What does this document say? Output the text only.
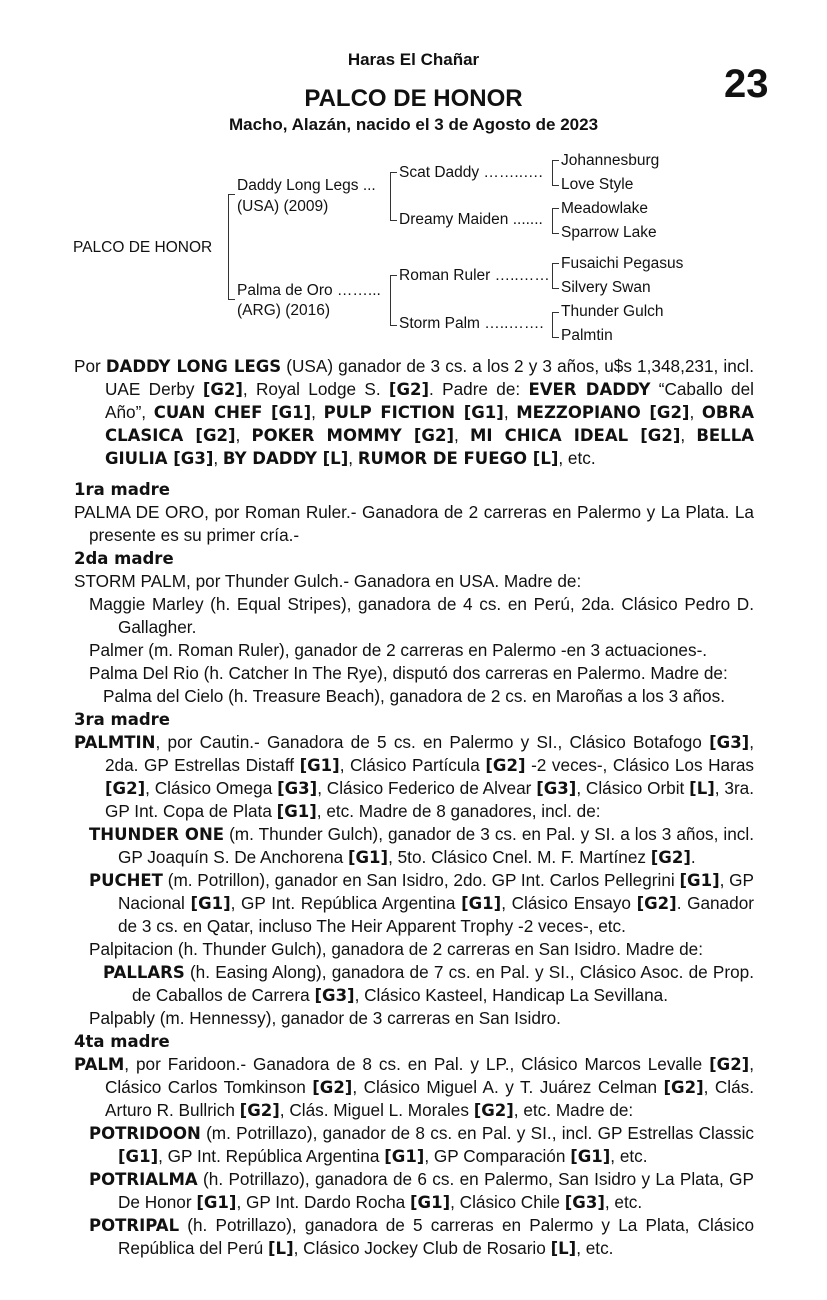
Haras El Chañar
23
PALCO DE HONOR
Macho, Alazán, nacido el 3 de Agosto de 2023
PALCO DE HONOR
Daddy Long Legs ...
(USA) (2009)
Palma de Oro ……...
(ARG) (2016)
Scat Daddy ……..….
Dreamy Maiden .......
Roman Ruler …..……
Storm Palm …..…….
Johannesburg
Love Style
Meadowlake
Sparrow Lake
Fusaichi Pegasus
Silvery Swan
Thunder Gulch
Palmtin

Por DADDY LONG LEGS (USA) ganador de 3 cs. a los 2 y 3 años, u$s 1,348,231, incl. UAE Derby [G2], Royal Lodge S. [G2]. Padre de: EVER DADDY “Caballo del Año”, CUAN CHEF [G1], PULP FICTION [G1], MEZZOPIANO [G2], OBRA CLASICA [G2], POKER MOMMY [G2], MI CHICA IDEAL [G2], BELLA GIULIA [G3], BY DADDY [L], RUMOR DE FUEGO [L], etc.

1ra madre

PALMA DE ORO, por Roman Ruler.- Ganadora de 2 carreras en Palermo y La Plata. La presente es su primer cría.-

2da madre

STORM PALM, por Thunder Gulch.- Ganadora en USA. Madre de:

Maggie Marley (h. Equal Stripes), ganadora de 4 cs. en Perú, 2da. Clásico Pedro D. Gallagher.

Palmer (m. Roman Ruler), ganador de 2 carreras en Palermo -en 3 actuaciones-.

Palma Del Rio (h. Catcher In The Rye), disputó dos carreras en Palermo. Madre de:

Palma del Cielo (h. Treasure Beach), ganadora de 2 cs. en Maroñas a los 3 años.

3ra madre

PALMTIN, por Cautin.- Ganadora de 5 cs. en Palermo y SI., Clásico Botafogo [G3], 2da. GP Estrellas Distaff [G1], Clásico Partícula [G2] -2 veces-, Clásico Los Haras [G2], Clásico Omega [G3], Clásico Federico de Alvear [G3], Clásico Orbit [L], 3ra. GP Int. Copa de Plata [G1], etc. Madre de 8 ganadores, incl. de:

THUNDER ONE (m. Thunder Gulch), ganador de 3 cs. en Pal. y SI. a los 3 años, incl. GP Joaquín S. De Anchorena [G1], 5to. Clásico Cnel. M. F. Martínez [G2].

PUCHET (m. Potrillon), ganador en San Isidro, 2do. GP Int. Carlos Pellegrini [G1], GP Nacional [G1], GP Int. República Argentina [G1], Clásico Ensayo [G2]. Ganador de 3 cs. en Qatar, incluso The Heir Apparent Trophy -2 veces-, etc.

Palpitacion (h. Thunder Gulch), ganadora de 2 carreras en San Isidro. Madre de:

PALLARS (h. Easing Along), ganadora de 7 cs. en Pal. y SI., Clásico Asoc. de Prop. de Caballos de Carrera [G3], Clásico Kasteel, Handicap La Sevillana.

Palpably (m. Hennessy), ganador de 3 carreras en San Isidro.

4ta madre

PALM, por Faridoon.- Ganadora de 8 cs. en Pal. y LP., Clásico Marcos Levalle [G2], Clásico Carlos Tomkinson [G2], Clásico Miguel A. y T. Juárez Celman [G2], Clás. Arturo R. Bullrich [G2], Clás. Miguel L. Morales [G2], etc. Madre de:

POTRIDOON (m. Potrillazo), ganador de 8 cs. en Pal. y SI., incl. GP Estrellas Classic [G1], GP Int. República Argentina [G1], GP Comparación [G1], etc.

POTRIALMA (h. Potrillazo), ganadora de 6 cs. en Palermo, San Isidro y La Plata, GP De Honor [G1], GP Int. Dardo Rocha [G1], Clásico Chile [G3], etc.

POTRIPAL (h. Potrillazo), ganadora de 5 carreras en Palermo y La Plata, Clásico República del Perú [L], Clásico Jockey Club de Rosario [L], etc.
